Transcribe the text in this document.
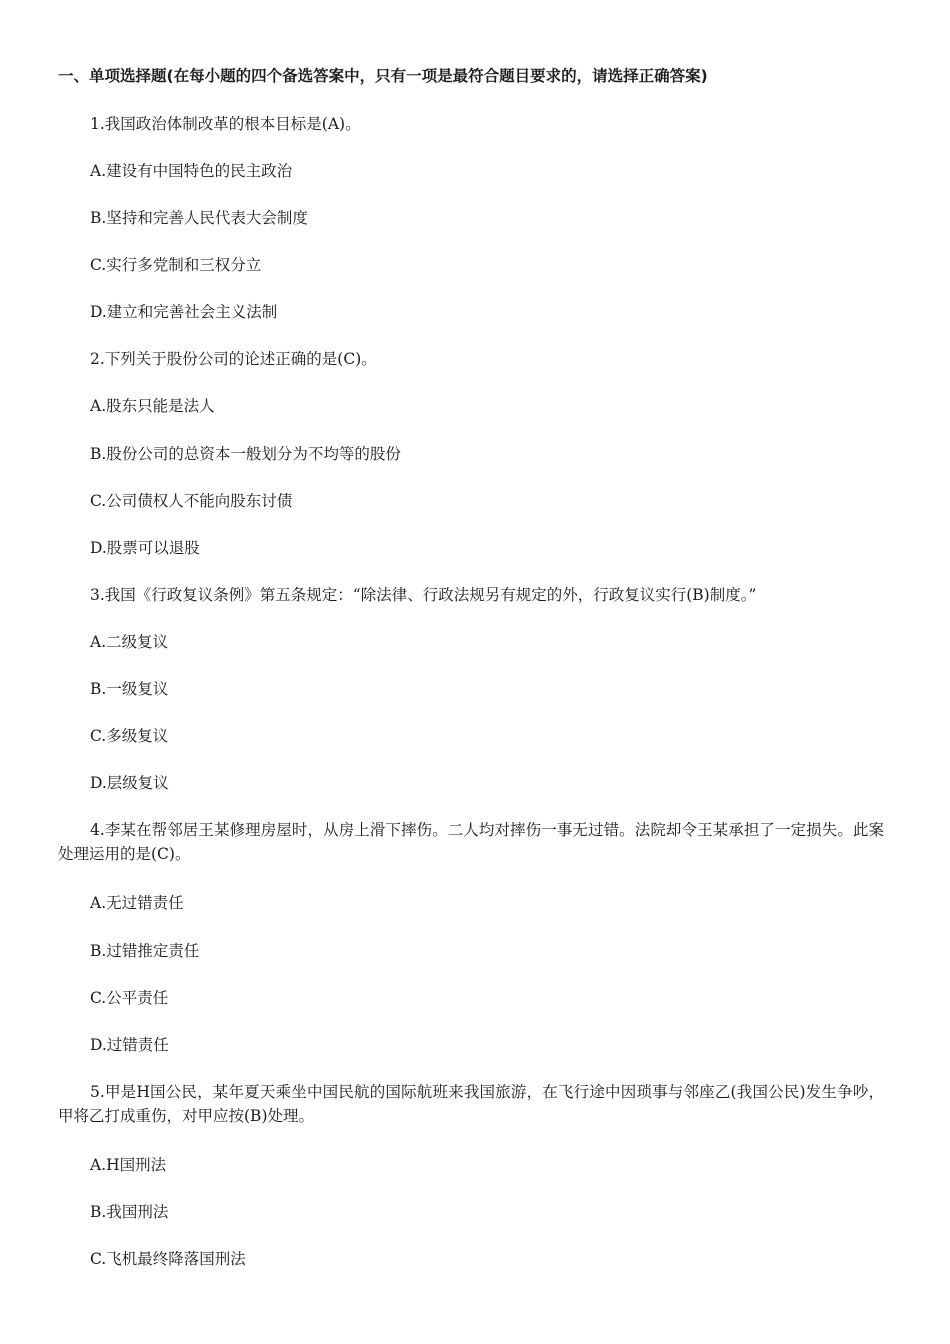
一、单项选择题(在每小题的四个备选答案中，只有一项是最符合题目要求的，请选择正确答案)
1.我国政治体制改革的根本目标是(A)。
A.建设有中国特色的民主政治
B.坚持和完善人民代表大会制度
C.实行多党制和三权分立
D.建立和完善社会主义法制
2.下列关于股份公司的论述正确的是(C)。
A.股东只能是法人
B.股份公司的总资本一般划分为不均等的股份
C.公司债权人不能向股东讨债
D.股票可以退股
3.我国《行政复议条例》第五条规定：“除法律、行政法规另有规定的外，行政复议实行(B)制度。”
A.二级复议
B.一级复议
C.多级复议
D.层级复议
4.李某在帮邻居王某修理房屋时，从房上滑下摔伤。二人均对摔伤一事无过错。法院却令王某承担了一定损失。此案处理运用的是(C)。
A.无过错责任
B.过错推定责任
C.公平责任
D.过错责任
5.甲是H国公民，某年夏天乘坐中国民航的国际航班来我国旅游，在飞行途中因琐事与邻座乙(我国公民)发生争吵，甲将乙打成重伤，对甲应按(B)处理。
A.H国刑法
B.我国刑法
C.飞机最终降落国刑法
